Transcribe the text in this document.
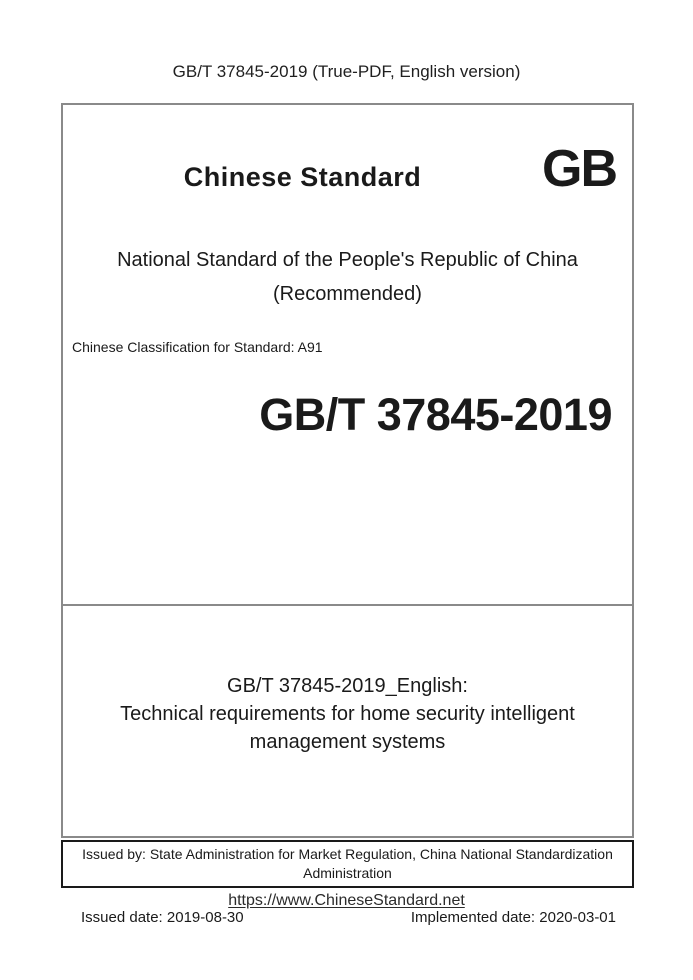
GB/T 37845-2019 (True-PDF, English version)
Chinese Standard	GB
National Standard of the People's Republic of China
(Recommended)
Chinese Classification for Standard: A91
GB/T 37845-2019
GB/T 37845-2019_English:
Technical requirements for home security intelligent
management systems
Issued date: 2019-08-30	Implemented date: 2020-03-01
Issued by: State Administration for Market Regulation, China National Standardization Administration
https://www.ChineseStandard.net
